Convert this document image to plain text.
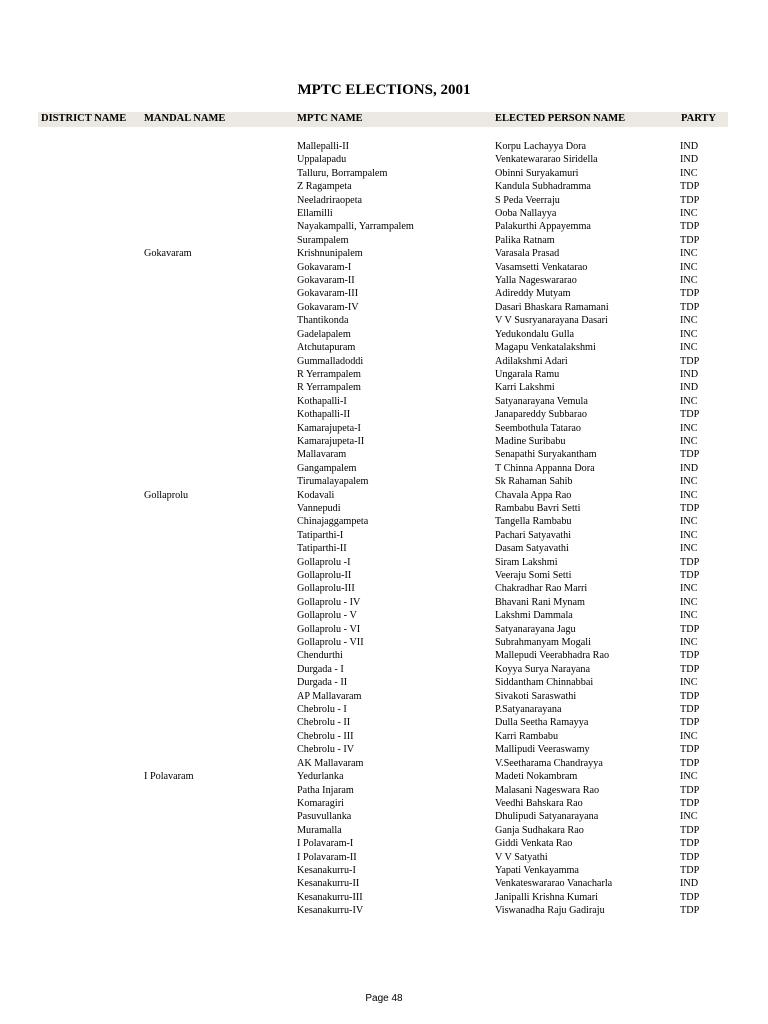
MPTC ELECTIONS, 2001
DISTRICT NAME MANDAL NAME	MPTC NAME	ELECTED PERSON NAME	PARTY
Mallepalli-II	Korpu Lachayya Dora	IND
Uppalapadu	Venkatewararao Siridella	IND
Talluru, Borrampalem	Obinni Suryakamuri	INC
Z Ragampeta	Kandula Subhadramma	TDP
Neeladriraopeta	S Peda Veerraju	TDP
Ellamilli	Ooba Nallayya	INC
Nayakampalli, Yarrampalem	Palakurthi Appayemma	TDP
Surampalem	Palika Ratnam	TDP
Gokavaram	Krishnunipalem	Varasala Prasad	INC
Gokavaram-I	Vasamsetti Venkatarao	INC
Gokavaram-II	Yalla Nageswararao	INC
Gokavaram-III	Adireddy Mutyam	TDP
Gokavaram-IV	Dasari Bhaskara Ramamani	TDP
Thantikonda	V V Susryanarayana Dasari	INC
Gadelapalem	Yedukondalu Gulla	INC
Atchutapuram	Magapu Venkatalakshmi	INC
Gummalladoddi	Adilakshmi Adari	TDP
R Yerrampalem	Ungarala Ramu	IND
R Yerrampalem	Karri Lakshmi	IND
Kothapalli-I	Satyanarayana Vemula	INC
Kothapalli-II	Janapareddy Subbarao	TDP
Kamarajupeta-I	Seembothula Tatarao	INC
Kamarajupeta-II	Madine Suribabu	INC
Mallavaram	Senapathi Suryakantham	TDP
Gangampalem	T Chinna Appanna Dora	IND
Tirumalayapalem	Sk Rahaman Sahib	INC
Gollaprolu	Kodavali	Chavala Appa Rao	INC
Vannepudi	Rambabu Bavri Setti	TDP
Chinajaggampeta	Tangella Rambabu	INC
Tatiparthi-I	Pachari Satyavathi	INC
Tatiparthi-II	Dasam Satyavathi	INC
Gollaprolu -I	Siram Lakshmi	TDP
Gollaprolu-II	Veeraju Somi Setti	TDP
Gollaprolu-III	Chakradhar Rao Marri	INC
Gollaprolu - IV	Bhavani Rani Mynam	INC
Gollaprolu - V	Lakshmi Dammala	INC
Gollaprolu - VI	Satyanarayana Jagu	TDP
Gollaprolu - VII	Subrahmanyam Mogali	INC
Chendurthi	Mallepudi Veerabhadra Rao	TDP
Durgada - I	Koyya Surya Narayana	TDP
Durgada - II	Siddantham Chinnabbai	INC
AP Mallavaram	Sivakoti Saraswathi	TDP
Chebrolu - I	P.Satyanarayana	TDP
Chebrolu - II	Dulla Seetha Ramayya	TDP
Chebrolu - III	Karri Rambabu	INC
Chebrolu - IV	Mallipudi Veeraswamy	TDP
AK Mallavaram	V.Seetharama Chandrayya	TDP
I Polavaram	Yedurlanka	Madeti Nokambram	INC
Patha Injaram	Malasani Nageswara Rao	TDP
Komaragiri	Veedhi Bahskara Rao	TDP
Pasuvullanka	Dhulipudi Satyanarayana	INC
Muramalla	Ganja Sudhakara Rao	TDP
I Polavaram-I	Giddi Venkata Rao	TDP
I Polavaram-II	V V Satyathi	TDP
Kesanakurru-I	Yapati Venkayamma	TDP
Kesanakurru-II	Venkateswararao Vanacharla	IND
Kesanakurru-III	Janipalli Krishna Kumari	TDP
Kesanakurru-IV	Viswanadha Raju Gadiraju	TDP
Page 48
